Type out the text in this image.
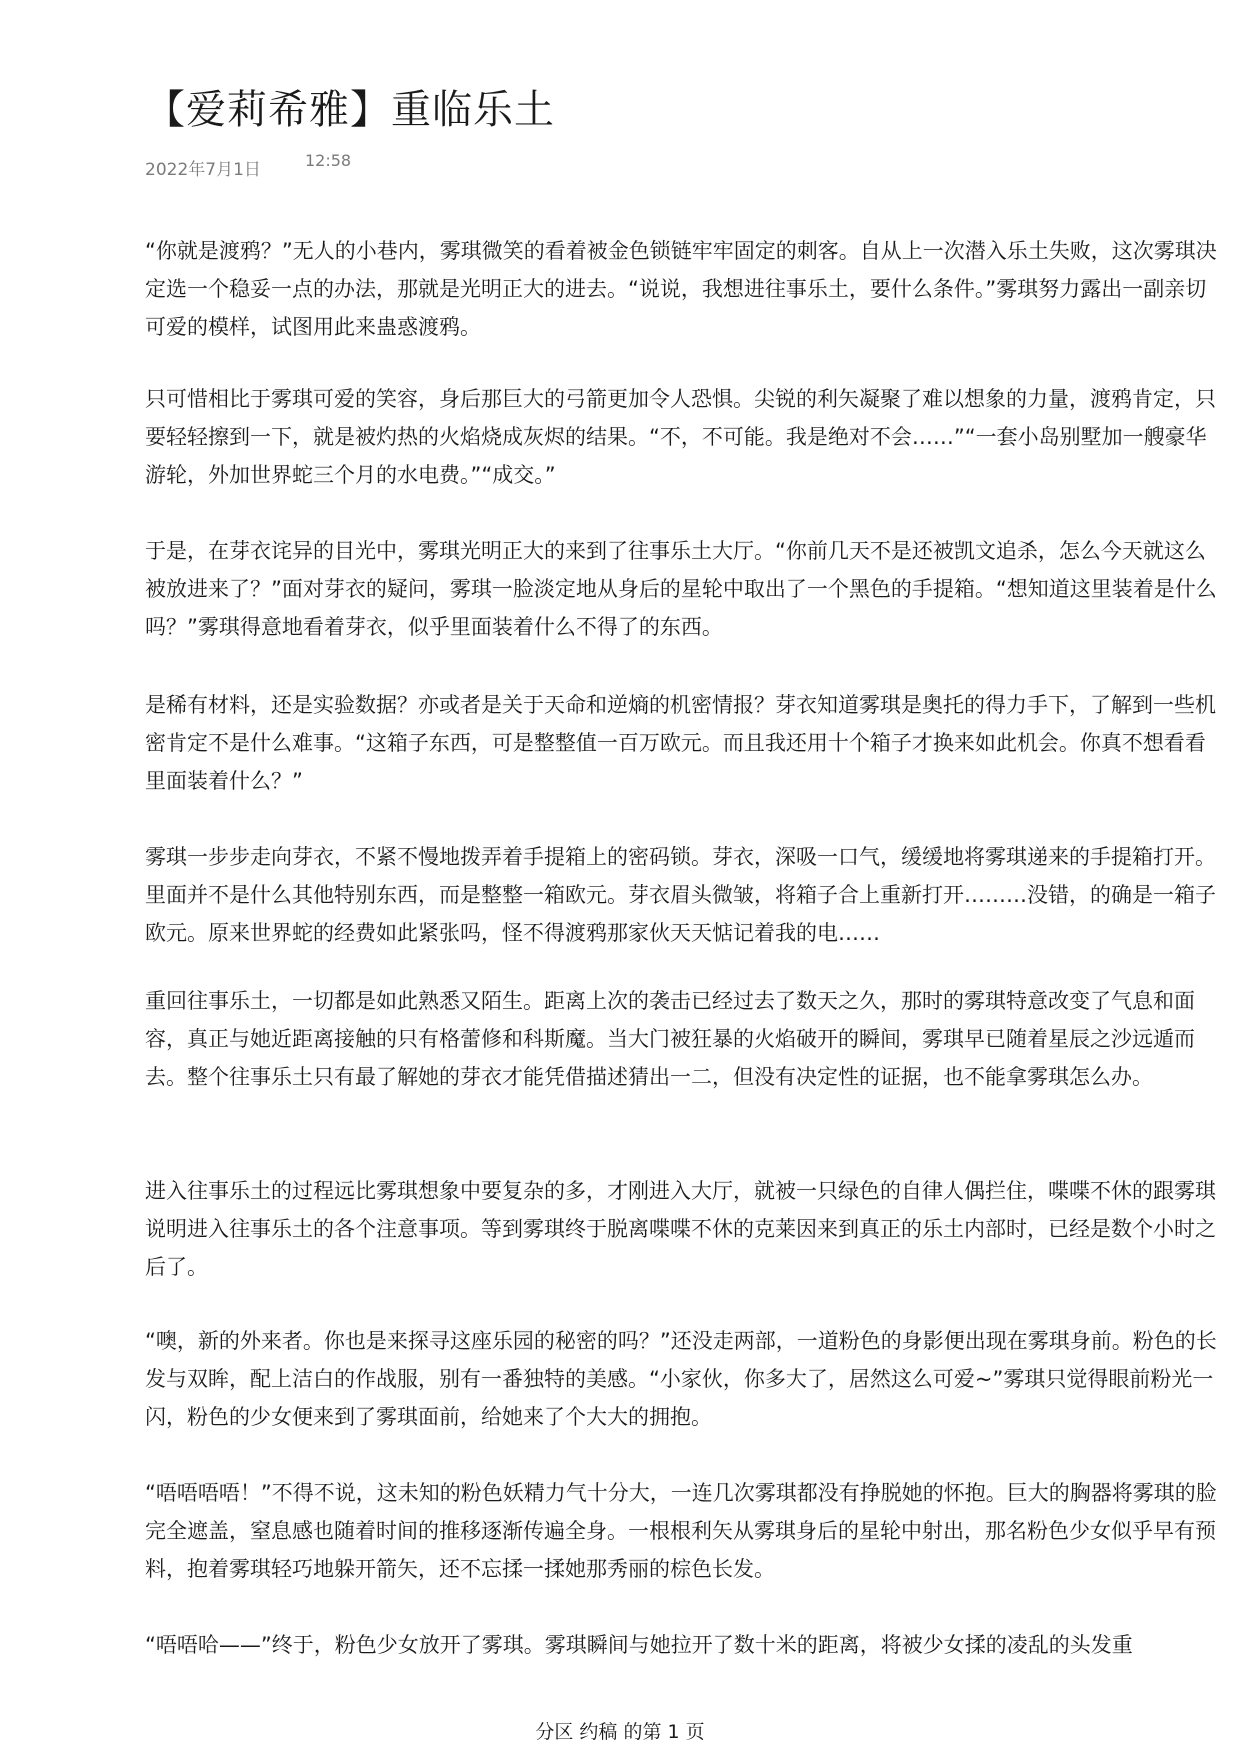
【爱莉希雅】重临乐土
2022年7月1日	12:58

“你就是渡鸦？”无人的小巷内，雾琪微笑的看着被金色锁链牢牢固定的刺客。自从上一次潜入乐土失败，这次雾琪决定选一个稳妥一点的办法，那就是光明正大的进去。“说说，我想进往事乐土，要什么条件。”雾琪努力露出一副亲切可爱的模样，试图用此来蛊惑渡鸦。

只可惜相比于雾琪可爱的笑容，身后那巨大的弓箭更加令人恐惧。尖锐的利矢凝聚了难以想象的力量，渡鸦肯定，只要轻轻擦到一下，就是被灼热的火焰烧成灰烬的结果。“不，不可能。我是绝对不会……”“一套小岛别墅加一艘豪华游轮，外加世界蛇三个月的水电费。”“成交。”

于是，在芽衣诧异的目光中，雾琪光明正大的来到了往事乐土大厅。“你前几天不是还被凯文追杀，怎么今天就这么被放进来了？”面对芽衣的疑问，雾琪一脸淡定地从身后的星轮中取出了一个黑色的手提箱。“想知道这里装着是什么吗？”雾琪得意地看着芽衣，似乎里面装着什么不得了的东西。

是稀有材料，还是实验数据？亦或者是关于天命和逆熵的机密情报？芽衣知道雾琪是奥托的得力手下，了解到一些机密肯定不是什么难事。“这箱子东西，可是整整值一百万欧元。而且我还用十个箱子才换来如此机会。你真不想看看里面装着什么？”

雾琪一步步走向芽衣，不紧不慢地拨弄着手提箱上的密码锁。芽衣，深吸一口气，缓缓地将雾琪递来的手提箱打开。里面并不是什么其他特别东西，而是整整一箱欧元。芽衣眉头微皱，将箱子合上重新打开………没错，的确是一箱子欧元。原来世界蛇的经费如此紧张吗，怪不得渡鸦那家伙天天惦记着我的电……

重回往事乐土，一切都是如此熟悉又陌生。距离上次的袭击已经过去了数天之久，那时的雾琪特意改变了气息和面容，真正与她近距离接触的只有格蕾修和科斯魔。当大门被狂暴的火焰破开的瞬间，雾琪早已随着星辰之沙远遁而去。整个往事乐土只有最了解她的芽衣才能凭借描述猜出一二，但没有决定性的证据，也不能拿雾琪怎么办。

进入往事乐土的过程远比雾琪想象中要复杂的多，才刚进入大厅，就被一只绿色的自律人偶拦住，喋喋不休的跟雾琪说明进入往事乐土的各个注意事项。等到雾琪终于脱离喋喋不休的克莱因来到真正的乐土内部时，已经是数个小时之后了。

“噢，新的外来者。你也是来探寻这座乐园的秘密的吗？”还没走两部，一道粉色的身影便出现在雾琪身前。粉色的长发与双眸，配上洁白的作战服，别有一番独特的美感。“小家伙，你多大了，居然这么可爱~”雾琪只觉得眼前粉光一闪，粉色的少女便来到了雾琪面前，给她来了个大大的拥抱。

“唔唔唔唔！”不得不说，这未知的粉色妖精力气十分大，一连几次雾琪都没有挣脱她的怀抱。巨大的胸器将雾琪的脸完全遮盖，窒息感也随着时间的推移逐渐传遍全身。一根根利矢从雾琪身后的星轮中射出，那名粉色少女似乎早有预料，抱着雾琪轻巧地躲开箭矢，还不忘揉一揉她那秀丽的棕色长发。

“唔唔哈——”终于，粉色少女放开了雾琪。雾琪瞬间与她拉开了数十米的距离，将被少女揉的凌乱的头发重

分区 约稿 的第 1 页
